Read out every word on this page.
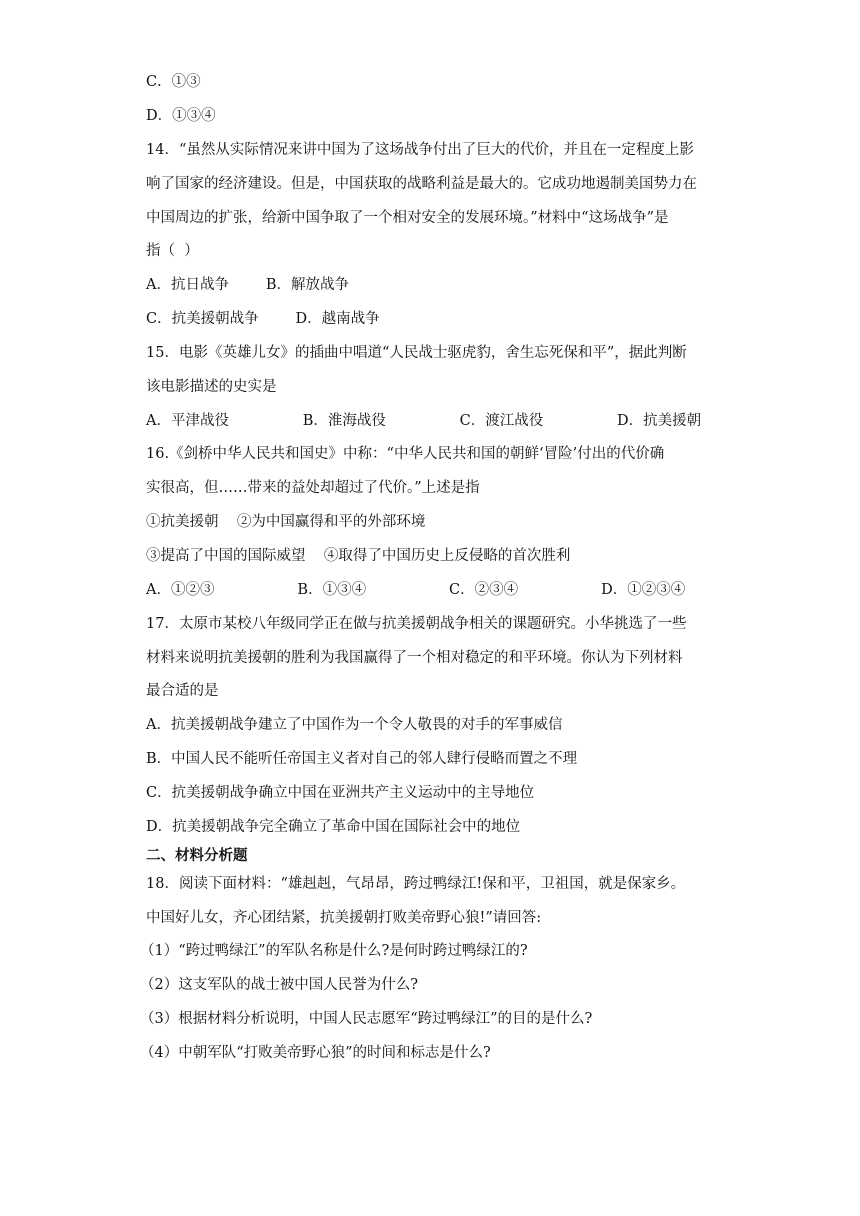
C．①③
D．①③④
14．“虽然从实际情况来讲中国为了这场战争付出了巨大的代价，并且在一定程度上影
响了国家的经济建设。但是，中国获取的战略利益是最大的。它成功地遏制美国势力在
中国周边的扩张，给新中国争取了一个相对安全的发展环境。”材料中“这场战争”是
指（  ）
A．抗日战争        B．解放战争
C．抗美援朝战争        D．越南战争
15．电影《英雄儿女》的插曲中唱道“人民战士驱虎豹，舍生忘死保和平”，据此判断
该电影描述的史实是
A．平津战役                B．淮海战役                C．渡江战役                D．抗美援朝
16.《剑桥中华人民共和国史》中称：“中华人民共和国的朝鲜‘冒险’付出的代价确
实很高，但……带来的益处却超过了代价。”上述是指
①抗美援朝    ②为中国赢得和平的外部环境
③提高了中国的国际威望    ④取得了中国历史上反侵略的首次胜利
A．①②③                  B．①③④                  C．②③④                  D．①②③④
17．太原市某校八年级同学正在做与抗美援朝战争相关的课题研究。小华挑选了一些
材料来说明抗美援朝的胜利为我国赢得了一个相对稳定的和平环境。你认为下列材料
最合适的是
A．抗美援朝战争建立了中国作为一个令人敬畏的对手的军事威信
B．中国人民不能听任帝国主义者对自己的邻人肆行侵略而置之不理
C．抗美援朝战争确立中国在亚洲共产主义运动中的主导地位
D．抗美援朝战争完全确立了革命中国在国际社会中的地位
二、材料分析题
18．阅读下面材料：“雄赳赳，气昂昂，跨过鸭绿江!保和平，卫祖国，就是保家乡。
中国好儿女，齐心团结紧，抗美援朝打败美帝野心狼!”请回答:
（1）“跨过鸭绿江”的军队名称是什么?是何时跨过鸭绿江的?
（2）这支军队的战士被中国人民誉为什么?
（3）根据材料分析说明，中国人民志愿军“跨过鸭绿江”的目的是什么?
（4）中朝军队“打败美帝野心狼”的时间和标志是什么?
